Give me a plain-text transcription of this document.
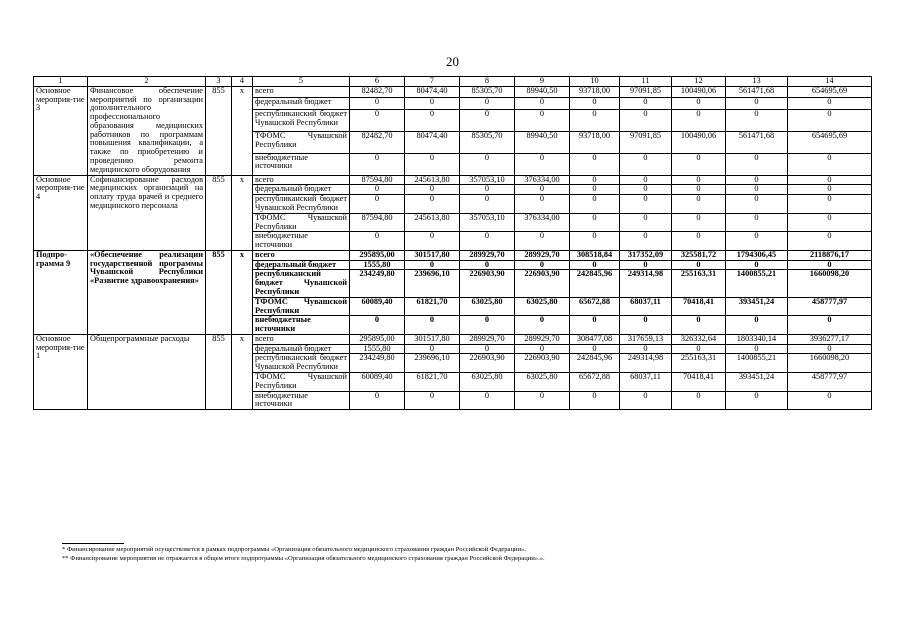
20
1	2	3	4	5	6	7	8	9	10	11	12	13	14
Основное мероприя-тие 3	Финансовое обеспечение мероприятий по организации дополнительного профессионального образования медицинских работников по программам повышения квалификации, а также по приобретению и проведению ремонта медицинского оборудования	855	x	всего	82482,70	80474,40	85305,70	89940,50	93718,00	97091,85	100490,06	561471,68	654695,69
				федеральный бюджет	0	0	0	0	0	0	0	0	0
				республиканский бюджет Чувашской Республики	0	0	0	0	0	0	0	0	0
				ТФОМС Чувашской Республики	82482,70	80474,40	85305,70	89940,50	93718,00	97091,85	100490,06	561471,68	654695,69
				внебюджетные источники	0	0	0	0	0	0	0	0	0
Основное мероприя-тие 4	Софинансирование расходов медицинских организаций на оплату труда врачей и среднего медицинского персонала	855	x	всего	87594,80	245613,80	357053,10	376334,00	0	0	0	0	0
				федеральный бюджет	0	0	0	0	0	0	0	0	0
				республиканский бюджет Чувашской Республики	0	0	0	0	0	0	0	0	0
				ТФОМС Чувашской Республики	87594,80	245613,80	357053,10	376334,00	0	0	0	0	0
				внебюджетные источники	0	0	0	0	0	0	0	0	0
Подпро-грамма 9	«Обеспечение реализации государственной программы Чувашской Республики «Развитие здравоохранения»	855	x	всего	295895,00	301517,80	289929,70	289929,70	308518,84	317352,09	325581,72	1794306,45	2118876,17
				федеральный бюджет	1555,80	0	0	0	0	0	0	0	0
				республиканский бюджет Чувашской Республики	234249,80	239696,10	226903,90	226903,90	242845,96	249314,98	255163,31	1400855,21	1660098,20
				ТФОМС Чувашской Республики	60089,40	61821,70	63025,80	63025,80	65672,88	68037,11	70418,41	393451,24	458777,97
				внебюджетные источники	0	0	0	0	0	0	0	0	0
Основное мероприя-тие 1	Общепрограммные расходы	855	x	всего	295895,00	301517,80	289929,70	289929,70	308477,08	317659,13	326332,64	1803340,14	3936277,17
				федеральный бюджет	1555,80	0	0	0	0	0	0	0	0
				республиканский бюджет Чувашской Республики	234249,80	239696,10	226903,90	226903,90	242845,96	249314,98	255163,31	1400855,21	1660098,20
				ТФОМС Чувашской Республики	60089,40	61821,70	63025,80	63025,80	65672,88	68037,11	70418,41	393451,24	458777,97
				внебюджетные источники	0	0	0	0	0	0	0	0	0
* Финансирование мероприятий осуществляется в рамках подпрограммы «Организация обязательного медицинского страхования граждан Российской Федерации».
** Финансирование мероприятия не отражается в общем итоге подпрограммы «Организация обязательного медицинского страхования граждан Российской Федерации».».
